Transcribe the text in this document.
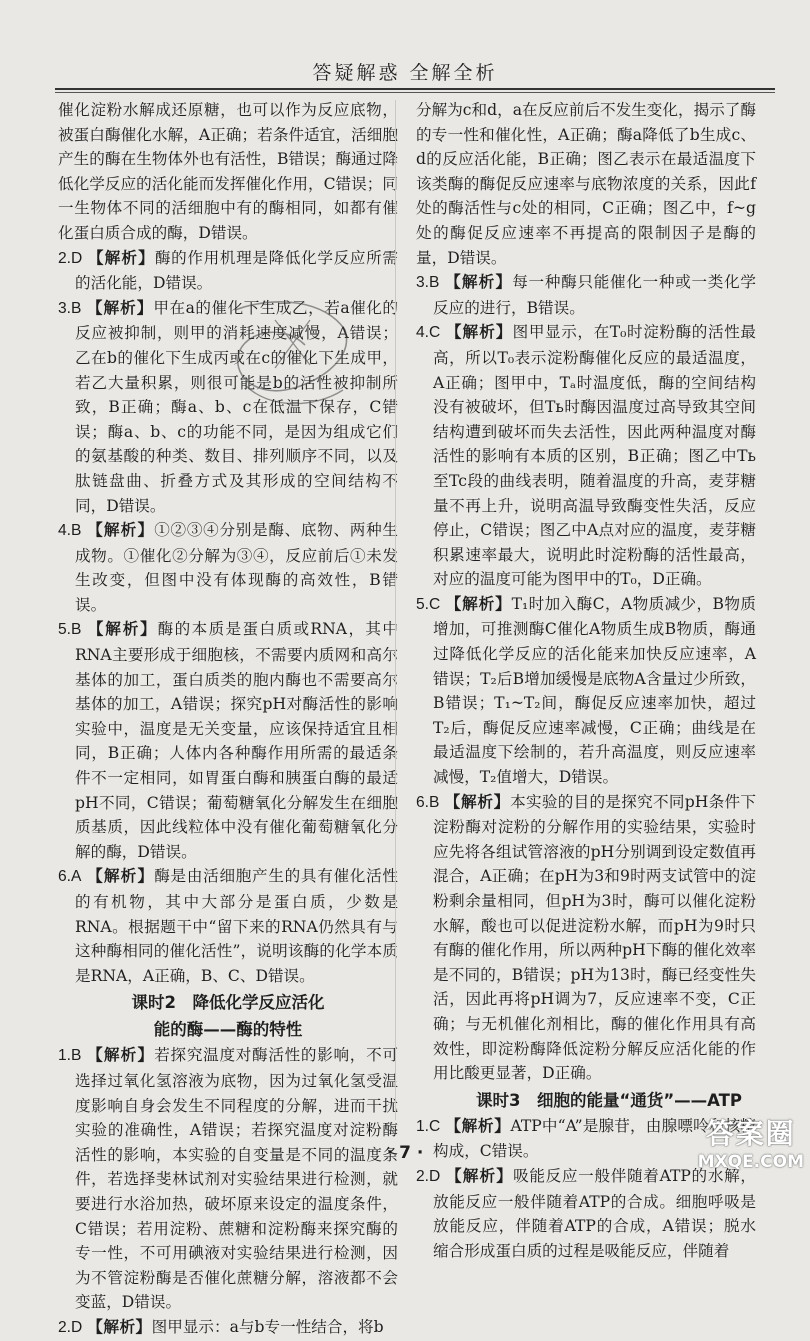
答疑解惑 全解全析

催化淀粉水解成还原糖，也可以作为反应底物，被蛋白酶催化水解，A正确；若条件适宜，活细胞产生的酶在生物体外也有活性，B错误；酶通过降低化学反应的活化能而发挥催化作用，C错误；同一生物体不同的活细胞中有的酶相同，如都有催化蛋白质合成的酶，D错误。

2.D 【解析】酶的作用机理是降低化学反应所需的活化能，D错误。

3.B 【解析】甲在a的催化下生成乙，若a催化的反应被抑制，则甲的消耗速度减慢，A错误；乙在b的催化下生成丙或在c的催化下生成甲，若乙大量积累，则很可能是b的活性被抑制所致，B正确；酶a、b、c在低温下保存，C错误；酶a、b、c的功能不同，是因为组成它们的氨基酸的种类、数目、排列顺序不同，以及肽链盘曲、折叠方式及其形成的空间结构不同，D错误。

4.B 【解析】①②③④分别是酶、底物、两种生成物。①催化②分解为③④，反应前后①未发生改变，但图中没有体现酶的高效性，B错误。

5.B 【解析】酶的本质是蛋白质或RNA，其中RNA主要形成于细胞核，不需要内质网和高尔基体的加工，蛋白质类的胞内酶也不需要高尔基体的加工，A错误；探究pH对酶活性的影响实验中，温度是无关变量，应该保持适宜且相同，B正确；人体内各种酶作用所需的最适条件不一定相同，如胃蛋白酶和胰蛋白酶的最适pH不同，C错误；葡萄糖氧化分解发生在细胞质基质，因此线粒体中没有催化葡萄糖氧化分解的酶，D错误。

6.A 【解析】酶是由活细胞产生的具有催化活性的有机物，其中大部分是蛋白质，少数是RNA。根据题干中“留下来的RNA仍然具有与这种酶相同的催化活性”，说明该酶的化学本质是RNA，A正确，B、C、D错误。

课时2　降低化学反应活化
能的酶——酶的特性

1.B 【解析】若探究温度对酶活性的影响，不可选择过氧化氢溶液为底物，因为过氧化氢受温度影响自身会发生不同程度的分解，进而干扰实验的准确性，A错误；若探究温度对淀粉酶活性的影响，本实验的自变量是不同的温度条件，若选择斐林试剂对实验结果进行检测，就要进行水浴加热，破坏原来设定的温度条件，C错误；若用淀粉、蔗糖和淀粉酶来探究酶的专一性，不可用碘液对实验结果进行检测，因为不管淀粉酶是否催化蔗糖分解，溶液都不会变蓝，D错误。

2.D 【解析】图甲显示：a与b专一性结合，将b

分解为c和d，a在反应前后不发生变化，揭示了酶的专一性和催化性，A正确；酶a降低了b生成c、d的反应活化能，B正确；图乙表示在最适温度下该类酶的酶促反应速率与底物浓度的关系，因此f处的酶活性与c处的相同，C正确；图乙中，f~g处的酶促反应速率不再提高的限制因子是酶的量，D错误。

3.B 【解析】每一种酶只能催化一种或一类化学反应的进行，B错误。

4.C 【解析】图甲显示，在T₀时淀粉酶的活性最高，所以T₀表示淀粉酶催化反应的最适温度，A正确；图甲中，Tₐ时温度低，酶的空间结构没有被破坏，但Tь时酶因温度过高导致其空间结构遭到破坏而失去活性，因此两种温度对酶活性的影响有本质的区别，B正确；图乙中Tь至Tc段的曲线表明，随着温度的升高，麦芽糖量不再上升，说明高温导致酶变性失活，反应停止，C错误；图乙中A点对应的温度，麦芽糖积累速率最大，说明此时淀粉酶的活性最高，对应的温度可能为图甲中的T₀，D正确。

5.C 【解析】T₁时加入酶C，A物质减少，B物质增加，可推测酶C催化A物质生成B物质，酶通过降低化学反应的活化能来加快反应速率，A错误；T₂后B增加缓慢是底物A含量过少所致，B错误；T₁~T₂间，酶促反应速率加快，超过T₂后，酶促反应速率减慢，C正确；曲线是在最适温度下绘制的，若升高温度，则反应速率减慢，T₂值增大，D错误。

6.B 【解析】本实验的目的是探究不同pH条件下淀粉酶对淀粉的分解作用的实验结果，实验时应先将各组试管溶液的pH分别调到设定数值再混合，A正确；在pH为3和9时两支试管中的淀粉剩余量相同，但pH为3时，酶可以催化淀粉水解，酸也可以促进淀粉水解，而pH为9时只有酶的催化作用，所以两种pH下酶的催化效率是不同的，B错误；pH为13时，酶已经变性失活，因此再将pH调为7，反应速率不变，C正确；与无机催化剂相比，酶的催化作用具有高效性，即淀粉酶降低淀粉分解反应活化能的作用比酸更显著，D正确。

课时3　细胞的能量“通货”——ATP

1.C 【解析】ATP中“A”是腺苷，由腺嘌呤和核糖构成，C错误。

2.D 【解析】吸能反应一般伴随着ATP的水解，放能反应一般伴随着ATP的合成。细胞呼吸是放能反应，伴随着ATP的合成，A错误；脱水缩合形成蛋白质的过程是吸能反应，伴随着

· 7 ·
答案圈
MXQE.COM
